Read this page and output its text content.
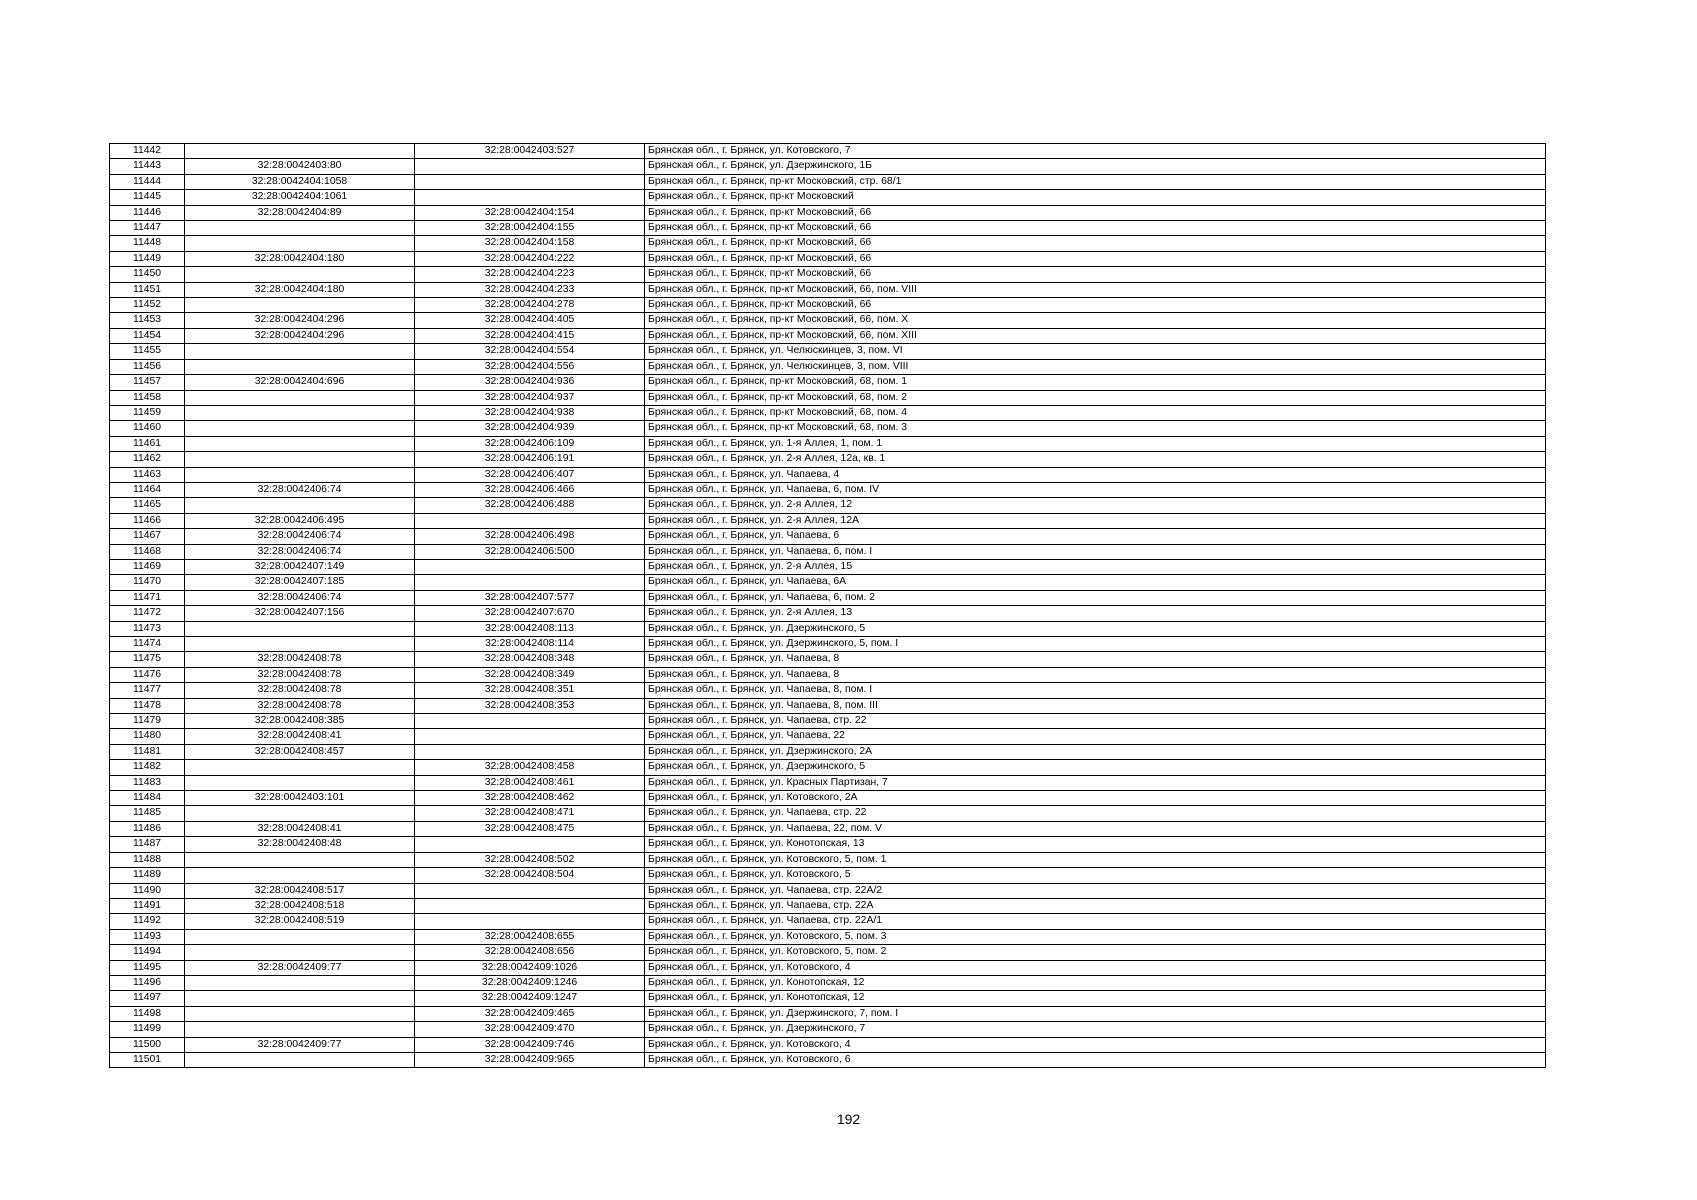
11442		32:28:0042403:527	Брянская обл., г. Брянск, ул. Котовского, 7
11443	32:28:0042403:80		Брянская обл., г. Брянск, ул. Дзержинского, 1Б
11444	32:28:0042404:1058		Брянская обл., г. Брянск, пр-кт Московский, стр. 68/1
11445	32:28:0042404:1061		Брянская обл., г. Брянск, пр-кт Московский
11446	32:28:0042404:89	32:28:0042404:154	Брянская обл., г. Брянск, пр-кт Московский, 66
11447		32:28:0042404:155	Брянская обл., г. Брянск, пр-кт Московский, 66
11448		32:28:0042404:158	Брянская обл., г. Брянск, пр-кт Московский, 66
11449	32:28:0042404:180	32:28:0042404:222	Брянская обл., г. Брянск, пр-кт Московский, 66
11450		32:28:0042404:223	Брянская обл., г. Брянск, пр-кт Московский, 66
11451	32:28:0042404:180	32:28:0042404:233	Брянская обл., г. Брянск, пр-кт Московский, 66, пом. VIII
11452		32:28:0042404:278	Брянская обл., г. Брянск, пр-кт Московский, 66
11453	32:28:0042404:296	32:28:0042404:405	Брянская обл., г. Брянск, пр-кт Московский, 66, пом. X
11454	32:28:0042404:296	32:28:0042404:415	Брянская обл., г. Брянск, пр-кт Московский, 66, пом. XIII
11455		32:28:0042404:554	Брянская обл., г. Брянск, ул. Челюскинцев, 3, пом. VI
11456		32:28:0042404:556	Брянская обл., г. Брянск, ул. Челюскинцев, 3, пом. VIII
11457	32:28:0042404:696	32:28:0042404:936	Брянская обл., г. Брянск, пр-кт Московский, 68, пом. 1
11458		32:28:0042404:937	Брянская обл., г. Брянск, пр-кт Московский, 68, пом. 2
11459		32:28:0042404:938	Брянская обл., г. Брянск, пр-кт Московский, 68, пом. 4
11460		32:28:0042404:939	Брянская обл., г. Брянск, пр-кт Московский, 68, пом. 3
11461		32:28:0042406:109	Брянская обл., г. Брянск, ул. 1-я Аллея, 1, пом. 1
11462		32:28:0042406:191	Брянская обл., г. Брянск, ул. 2-я Аллея, 12а, кв. 1
11463		32:28:0042406:407	Брянская обл., г. Брянск, ул. Чапаева, 4
11464	32:28:0042406:74	32:28:0042406:466	Брянская обл., г. Брянск, ул. Чапаева, 6, пом. IV
11465		32:28:0042406:488	Брянская обл., г. Брянск, ул. 2-я Аллея, 12
11466	32:28:0042406:495		Брянская обл., г. Брянск, ул. 2-я Аллея, 12А
11467	32:28:0042406:74	32:28:0042406:498	Брянская обл., г. Брянск, ул. Чапаева, 6
11468	32:28:0042406:74	32:28:0042406:500	Брянская обл., г. Брянск, ул. Чапаева, 6, пом. I
11469	32:28:0042407:149		Брянская обл., г. Брянск, ул. 2-я Аллея, 15
11470	32:28:0042407:185		Брянская обл., г. Брянск, ул. Чапаева, 6А
11471	32:28:0042406:74	32:28:0042407:577	Брянская обл., г. Брянск, ул. Чапаева, 6, пом. 2
11472	32:28:0042407:156	32:28:0042407:670	Брянская обл., г. Брянск, ул. 2-я Аллея, 13
11473		32:28:0042408:113	Брянская обл., г. Брянск, ул. Дзержинского, 5
11474		32:28:0042408:114	Брянская обл., г. Брянск, ул. Дзержинского, 5, пом. I
11475	32:28:0042408:78	32:28:0042408:348	Брянская обл., г. Брянск, ул. Чапаева, 8
11476	32:28:0042408:78	32:28:0042408:349	Брянская обл., г. Брянск, ул. Чапаева, 8
11477	32:28:0042408:78	32:28:0042408:351	Брянская обл., г. Брянск, ул. Чапаева, 8, пом. I
11478	32:28:0042408:78	32:28:0042408:353	Брянская обл., г. Брянск, ул. Чапаева, 8, пом. III
11479	32:28:0042408:385		Брянская обл., г. Брянск, ул. Чапаева, стр. 22
11480	32:28:0042408:41		Брянская обл., г. Брянск, ул. Чапаева, 22
11481	32:28:0042408:457		Брянская обл., г. Брянск, ул. Дзержинского, 2А
11482		32:28:0042408:458	Брянская обл., г. Брянск, ул. Дзержинского, 5
11483		32:28:0042408:461	Брянская обл., г. Брянск, ул. Красных Партизан, 7
11484	32:28:0042403:101	32:28:0042408:462	Брянская обл., г. Брянск, ул. Котовского, 2А
11485		32:28:0042408:471	Брянская обл., г. Брянск, ул. Чапаева, стр. 22
11486	32:28:0042408:41	32:28:0042408:475	Брянская обл., г. Брянск, ул. Чапаева, 22, пом. V
11487	32:28:0042408:48		Брянская обл., г. Брянск, ул. Конотопская, 13
11488		32:28:0042408:502	Брянская обл., г. Брянск, ул. Котовского, 5, пом. 1
11489		32:28:0042408:504	Брянская обл., г. Брянск, ул. Котовского, 5
11490	32:28:0042408:517		Брянская обл., г. Брянск, ул. Чапаева, стр. 22А/2
11491	32:28:0042408:518		Брянская обл., г. Брянск, ул. Чапаева, стр. 22А
11492	32:28:0042408:519		Брянская обл., г. Брянск, ул. Чапаева, стр. 22А/1
11493		32:28:0042408:655	Брянская обл., г. Брянск, ул. Котовского, 5, пом. 3
11494		32:28:0042408:656	Брянская обл., г. Брянск, ул. Котовского, 5, пом. 2
11495	32:28:0042409:77	32:28:0042409:1026	Брянская обл., г. Брянск, ул. Котовского, 4
11496		32:28:0042409:1246	Брянская обл., г. Брянск, ул. Конотопская, 12
11497		32:28:0042409:1247	Брянская обл., г. Брянск, ул. Конотопская, 12
11498		32:28:0042409:465	Брянская обл., г. Брянск, ул. Дзержинского, 7, пом. I
11499		32:28:0042409:470	Брянская обл., г. Брянск, ул. Дзержинского, 7
11500	32:28:0042409:77	32:28:0042409:746	Брянская обл., г. Брянск, ул. Котовского, 4
11501		32:28:0042409:965	Брянская обл., г. Брянск, ул. Котовского, 6
192
